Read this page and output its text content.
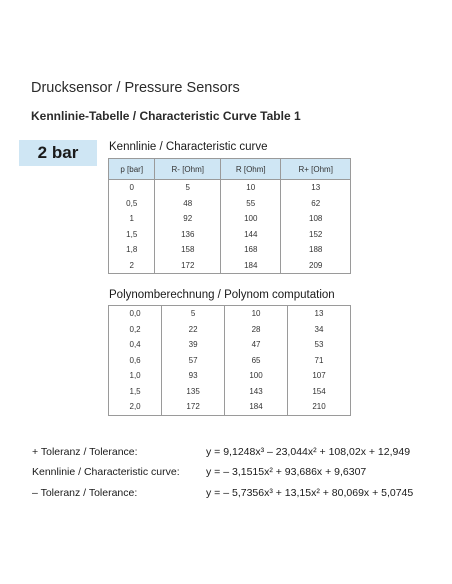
Drucksensor / Pressure Sensors
Kennlinie-Tabelle / Characteristic Curve Table 1
2 bar	Kennlinie / Characteristic curve
p [bar]	R- [Ohm]	R [Ohm]	R+ [Ohm]
0	5	10	13
0,5	48	55	62
1	92	100	108
1,5	136	144	152
1,8	158	168	188
2	172	184	209
Polynomberechnung / Polynom computation
0,0	5	10	13
0,2	22	28	34
0,4	39	47	53
0,6	57	65	71
1,0	93	100	107
1,5	135	143	154
2,0	172	184	210
+ Toleranz / Tolerance:	y = 9,1248x³ – 23,044x² + 108,02x + 12,949
Kennlinie / Characteristic curve:	y = – 3,1515x² + 93,686x + 9,6307
– Toleranz / Tolerance:	y = – 5,7356x³ + 13,15x² + 80,069x + 5,0745
